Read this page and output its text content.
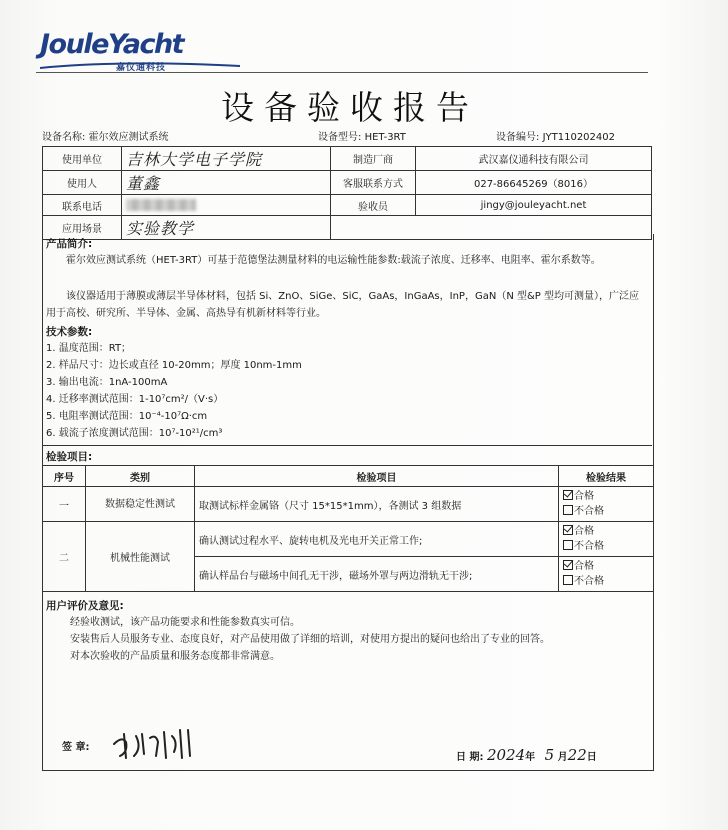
JouleYacht
嘉仪通科技
设备验收报告
设备名称: 霍尔效应测试系统	设备型号: HET-3RT	设备编号: JYT110202402
使用单位	吉林大学电子学院	制造厂商	武汉嘉仪通科技有限公司
使用人	董鑫	客服联系方式	027-86645269（8016）
联系电话		验收员	jingy@jouleyacht.net
应用场景	实验教学		
产品简介:
霍尔效应测试系统（HET-3RT）可基于范德堡法测量材料的电运输性能参数:载流子浓度、迁移率、电阻率、霍尔系数等。
该仪器适用于薄膜或薄层半导体材料，包括 Si、ZnO、SiGe、SiC，GaAs，InGaAs，InP，GaN（N 型&P 型均可测量），广泛应用于高校、研究所、半导体、金属、高热导有机新材料等行业。
技术参数:
1. 温度范围：RT；
2. 样品尺寸：边长或直径 10-20mm；厚度 10nm-1mm
3. 输出电流：1nA-100mA
4. 迁移率测试范围：1-10⁷cm²/（V·s）
5. 电阻率测试范围：10⁻⁴-10⁷Ω·cm
6. 载流子浓度测试范围：10⁷-10²¹/cm³
检验项目:
序号	类别	检验项目	检验结果
一	数据稳定性测试	取测试标样金属铬（尺寸 15*15*1mm），各测试 3 组数据	合格
不合格

二	机械性能测试	确认测试过程水平、旋转电机及光电开关正常工作;	合格
不合格

		确认样品台与磁场中间孔无干涉，磁场外罩与两边滑轨无干涉;	合格
不合格
用户评价及意见:
经验收测试，该产品功能要求和性能参数真实可信。
安装售后人员服务专业、态度良好，对产品使用做了详细的培训，对使用方提出的疑问也给出了专业的回答。
对本次验收的产品质量和服务态度都非常满意。
签 章:
日 期: 2024年 5 月22日
